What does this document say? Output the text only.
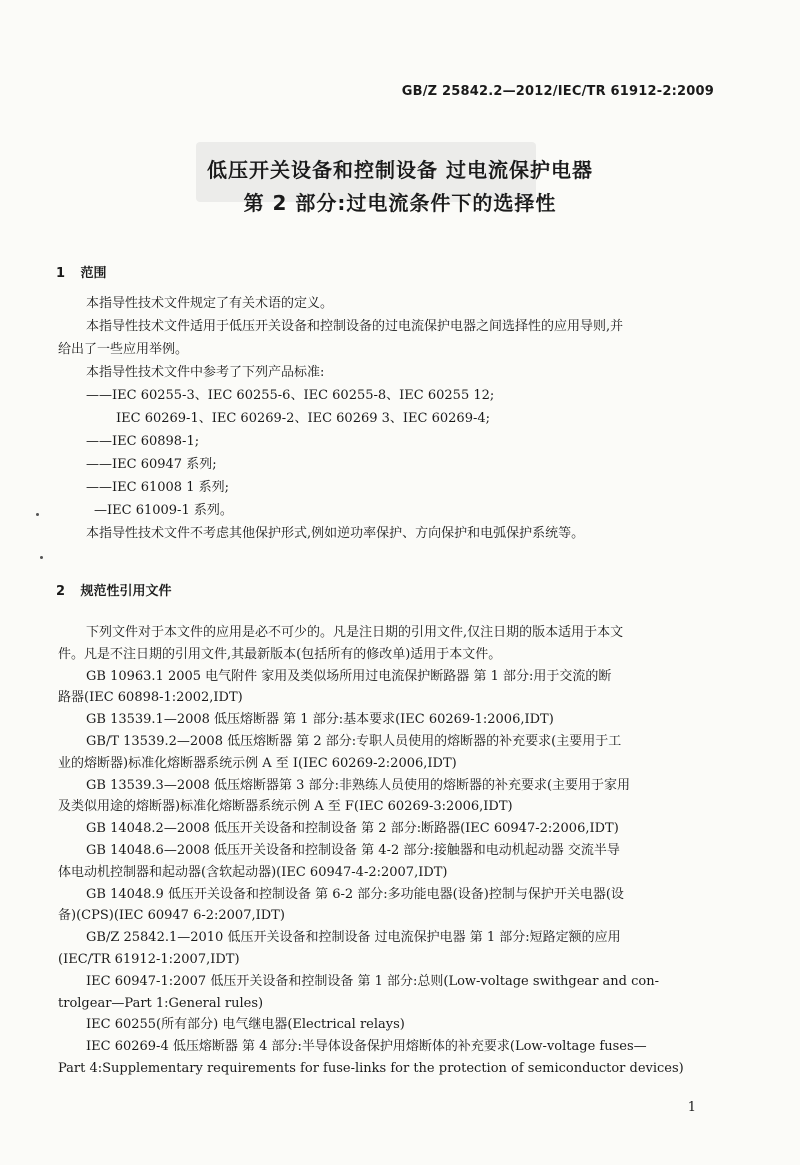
GB/Z 25842.2—2012/IEC/TR 61912-2:2009
低压开关设备和控制设备 过电流保护电器
第 2 部分:过电流条件下的选择性
1 范围
本指导性技术文件规定了有关术语的定义。
本指导性技术文件适用于低压开关设备和控制设备的过电流保护电器之间选择性的应用导则,并
给出了一些应用举例。
本指导性技术文件中参考了下列产品标准:
——IEC 60255-3、IEC 60255-6、IEC 60255-8、IEC 60255 12;
IEC 60269-1、IEC 60269-2、IEC 60269 3、IEC 60269-4;
——IEC 60898-1;
——IEC 60947 系列;
——IEC 61008 1 系列;
—IEC 61009-1 系列。
本指导性技术文件不考虑其他保护形式,例如逆功率保护、方向保护和电弧保护系统等。
2 规范性引用文件
下列文件对于本文件的应用是必不可少的。凡是注日期的引用文件,仅注日期的版本适用于本文
件。凡是不注日期的引用文件,其最新版本(包括所有的修改单)适用于本文件。
GB 10963.1 2005 电气附件 家用及类似场所用过电流保护断路器 第 1 部分:用于交流的断
路器(IEC 60898-1:2002,IDT)
GB 13539.1—2008 低压熔断器 第 1 部分:基本要求(IEC 60269-1:2006,IDT)
GB/T 13539.2—2008 低压熔断器 第 2 部分:专职人员使用的熔断器的补充要求(主要用于工
业的熔断器)标准化熔断器系统示例 A 至 I(IEC 60269-2:2006,IDT)
GB 13539.3—2008 低压熔断器第 3 部分:非熟练人员使用的熔断器的补充要求(主要用于家用
及类似用途的熔断器)标准化熔断器系统示例 A 至 F(IEC 60269-3:2006,IDT)
GB 14048.2—2008 低压开关设备和控制设备 第 2 部分:断路器(IEC 60947-2:2006,IDT)
GB 14048.6—2008 低压开关设备和控制设备 第 4-2 部分:接触器和电动机起动器 交流半导
体电动机控制器和起动器(含软起动器)(IEC 60947-4-2:2007,IDT)
GB 14048.9 低压开关设备和控制设备 第 6-2 部分:多功能电器(设备)控制与保护开关电器(设
备)(CPS)(IEC 60947 6-2:2007,IDT)
GB/Z 25842.1—2010 低压开关设备和控制设备 过电流保护电器 第 1 部分:短路定额的应用
(IEC/TR 61912-1:2007,IDT)
IEC 60947-1:2007 低压开关设备和控制设备 第 1 部分:总则(Low-voltage swithgear and con-
trolgear—Part 1:General rules)
IEC 60255(所有部分) 电气继电器(Electrical relays)
IEC 60269-4 低压熔断器 第 4 部分:半导体设备保护用熔断体的补充要求(Low-voltage fuses—
Part 4:Supplementary requirements for fuse-links for the protection of semiconductor devices)
1
